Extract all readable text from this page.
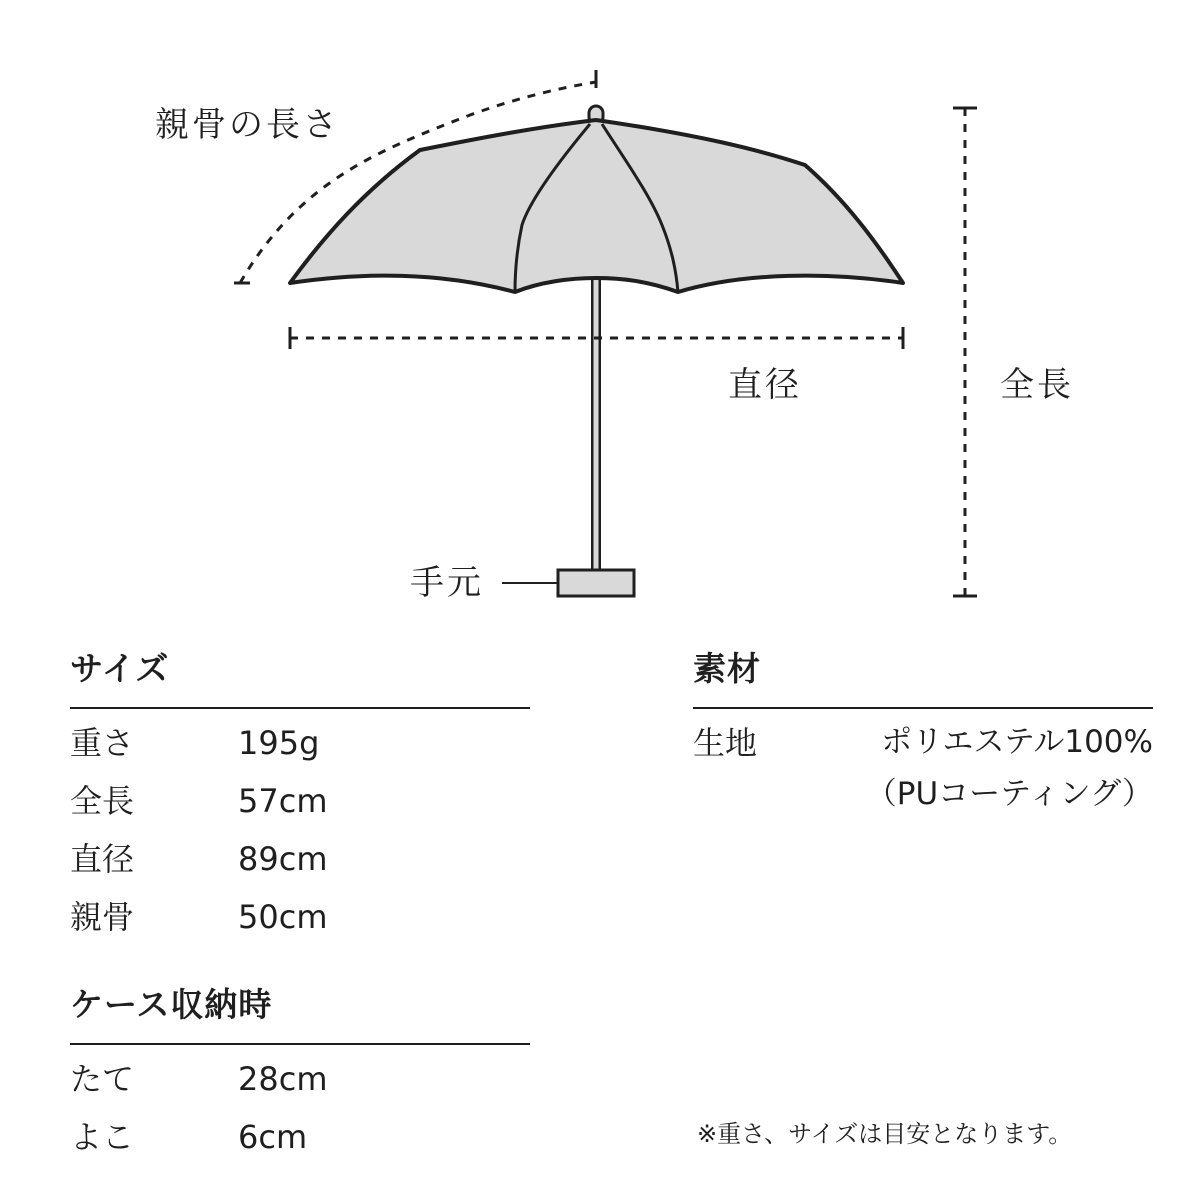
親骨の長さ
直径	全長
手元
サイズ
重さ	195g
全長	57cm
直径	89cm
親骨	50cm
ケース収納時
たて	28cm
よこ	6cm
素材
生地	ポリエステル100%
（PUコーティング）
※重さ、サイズは目安となります。
